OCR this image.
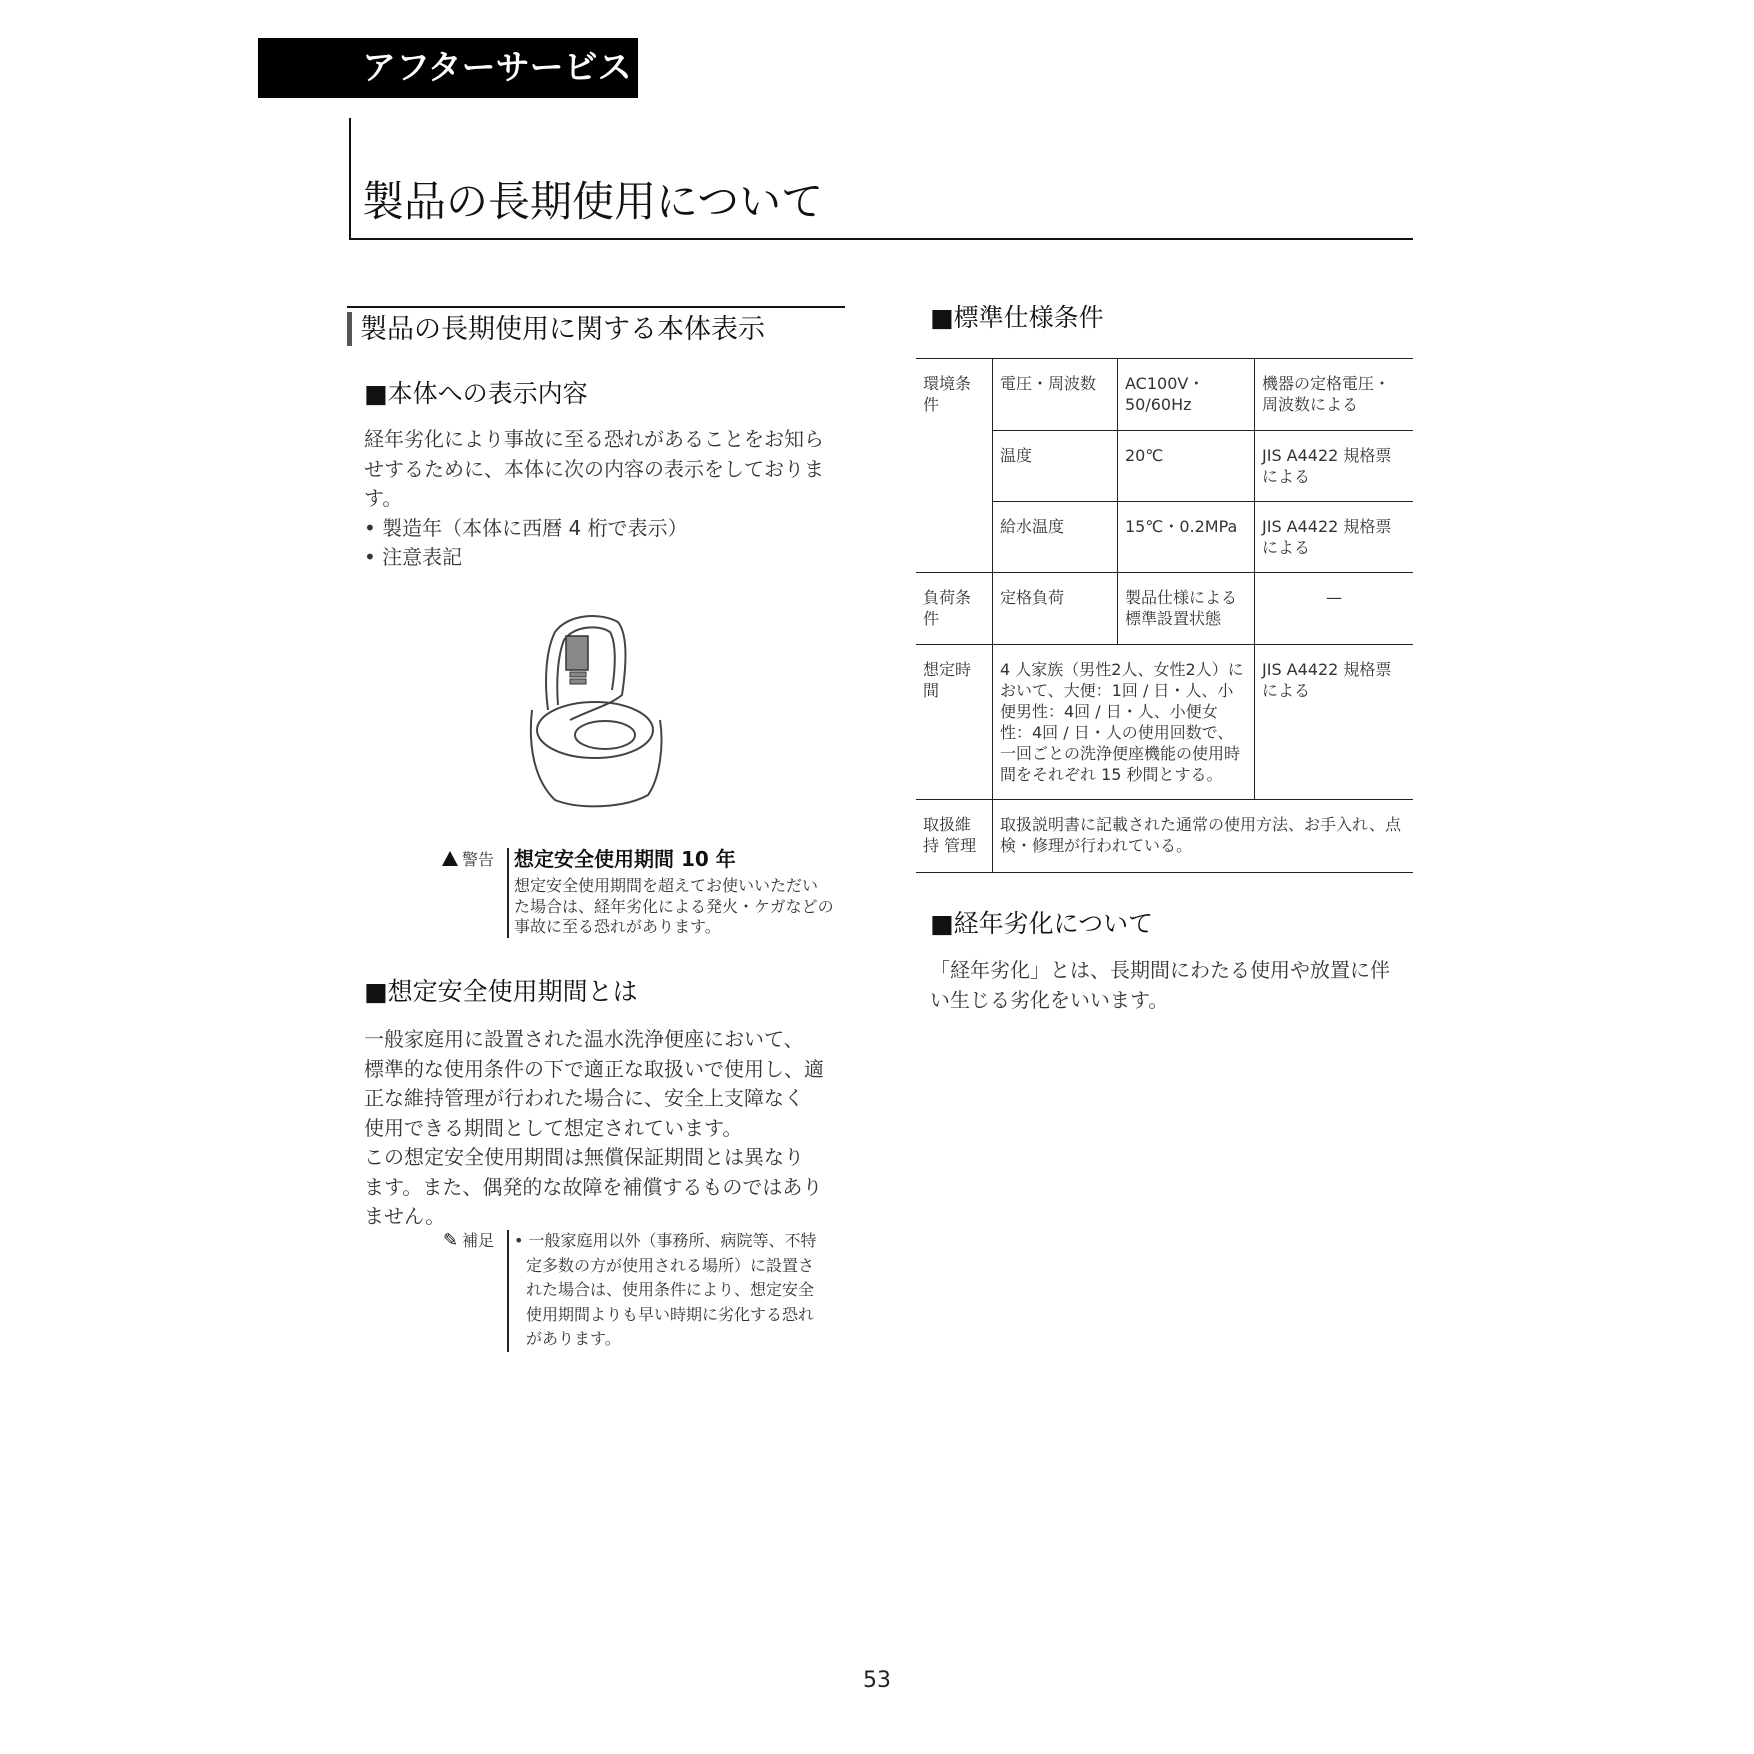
アフターサービス
製品の長期使用について
製品の長期使用に関する本体表示
■本体への表示内容
経年劣化により事故に至る恐れがあることをお知ら
せするために、本体に次の内容の表示をしておりま
す。
• 製造年（本体に西暦 4 桁で表示）
• 注意表記
警告 想定安全使用期間 10 年
想定安全使用期間を超えてお使いいただい
た場合は、経年劣化による発火・ケガなどの
事故に至る恐れがあります。
■想定安全使用期間とは
一般家庭用に設置された温水洗浄便座において、
標準的な使用条件の下で適正な取扱いで使用し、適
正な維持管理が行われた場合に、安全上支障なく
使用できる期間として想定されています。
この想定安全使用期間は無償保証期間とは異なり
ます。また、偶発的な故障を補償するものではあり
ません。
✎ 補足 • 一般家庭用以外（事務所、病院等、不特
定多数の方が使用される場所）に設置さ
れた場合は、使用条件により、想定安全
使用期間よりも早い時期に劣化する恐れ
があります。
■標準仕様条件
環境条件	電圧・周波数	AC100V・ 50/60Hz	機器の定格電圧・ 周波数による
	温度	20℃	JIS A4422 規格票 による
	給水温度	15℃・0.2MPa	JIS A4422 規格票 による
負荷条件	定格負荷	製品仕様による 標準設置状態	—
想定時間	4 人家族（男性2人、女性2人）において、大便：1回 / 日・人、小便男性：4回 / 日・人、小便女性：4回 / 日・人の使用回数で、一回ごとの洗浄便座機能の使用時間をそれぞれ 15 秒間とする。		JIS A4422 規格票 による
取扱維持 管理	取扱説明書に記載された通常の使用方法、お手入れ、点検・修理が行われている。		
■経年劣化について
「経年劣化」とは、長期間にわたる使用や放置に伴
い生じる劣化をいいます。
53
